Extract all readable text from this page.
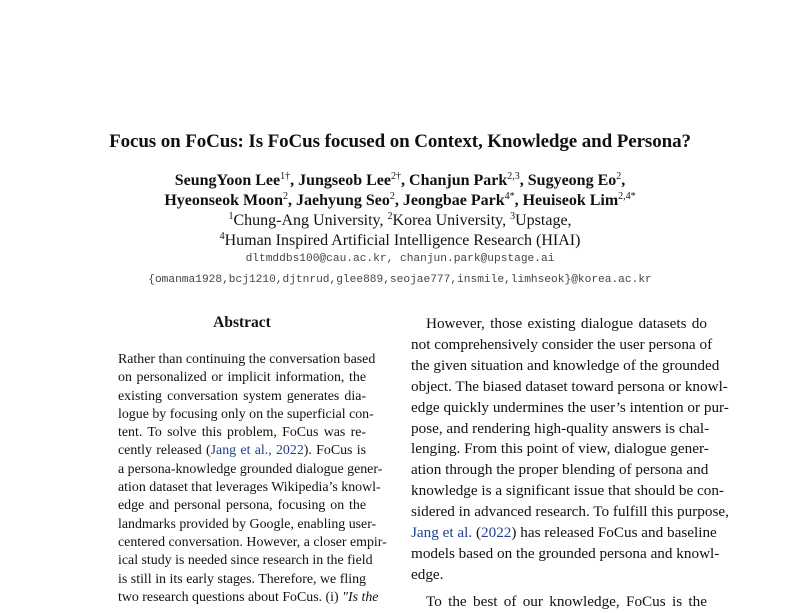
Focus on FoCus: Is FoCus focused on Context, Knowledge and Persona?
SeungYoon Lee$^{1\dagger}$, Jungseob Lee$^{2\dagger}$, Chanjun Park$^{2,3}$, Sugyeong Eo$^2$,
Hyeonseok Moon$^2$, Jaehyung Seo$^2$, Jeongbae Park$^{4*}$, Heuiseok Lim$^{2,4*}$
$^1$Chung-Ang University, $^2$Korea University, $^3$Upstage,
$^4$Human Inspired Artificial Intelligence Research (HIAI)
dltmddbs100@cau.ac.kr, chanjun.park@upstage.ai
{omanma1928,bcj1210,djtnrud,glee889,seojae777,insmile,limhseok}@korea.ac.kr
Abstract
Rather than continuing the conversation based
on personalized or implicit information, the
existing conversation system generates dia-
logue by focusing only on the superficial con-
tent. To solve this problem, FoCus was re-
cently released (Jang et al., 2022). FoCus is
a persona-knowledge grounded dialogue gener-
ation dataset that leverages Wikipedia’s knowl-
edge and personal persona, focusing on the
landmarks provided by Google, enabling user-
centered conversation. However, a closer empir-
ical study is needed since research in the field
is still in its early stages. Therefore, we fling
two research questions about FoCus. (i) "Is the

However, those existing dialogue datasets do
not comprehensively consider the user persona of
the given situation and knowledge of the grounded
object. The biased dataset toward persona or knowl-
edge quickly undermines the user’s intention or pur-
pose, and rendering high-quality answers is chal-
lenging. From this point of view, dialogue gener-
ation through the proper blending of persona and
knowledge is a significant issue that should be con-
sidered in advanced research. To fulfill this purpose,
Jang et al. (2022) has released FoCus and baseline
models based on the grounded persona and knowl-
edge.

To the best of our knowledge, FoCus is the
